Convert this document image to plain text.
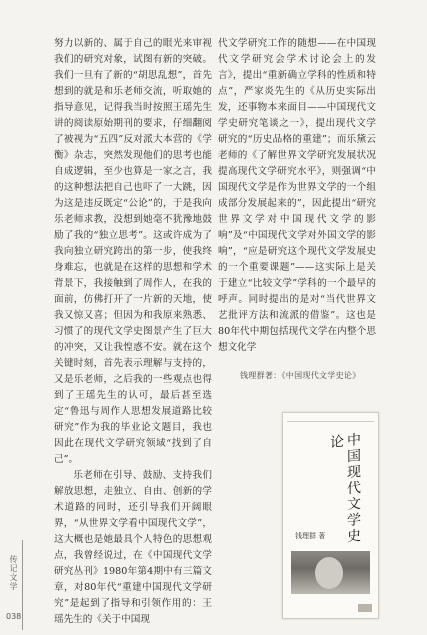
努力以新的、属于自己的眼光来审视我们的研究对象，试图有新的突破。我们一旦有了新的“胡思乱想”，首先想到的就是和乐老师交流，听取她的指导意见，记得我当时按照王瑶先生讲的阅读原始期刊的要求，仔细翻阅了被视为“五四”反对派大本营的《学衡》杂志，突然发现他们的思考也能自成逻辑，至少也算是一家之言，我的这种想法把自己也吓了一大跳，因为这是违反既定“公论”的，于是我向乐老师求教，没想到她毫不犹豫地鼓励了我的“独立思考”。这或许成为了我向独立研究跨出的第一步，使我终身难忘，也就是在这样的思想和学术背景下，我接触到了周作人，在我的面前，仿佛打开了一片新的天地，使我又惊又喜；但因为和我原来熟悉、习惯了的现代文学史图景产生了巨大的冲突，又让我惶惑不安。就在这个关键时刻，首先表示理解与支持的，又是乐老师，之后我的一些观点也得到了王瑶先生的认可，最后甚至选定“鲁迅与周作人思想发展道路比较研究”作为我的毕业论文题目，我也因此在现代文学研究领域“找到了自己”。

乐老师在引导、鼓励、支持我们解放思想，走独立、自由、创新的学术道路的同时，还引导我们开阔眼界，“从世界文学看中国现代文学”，这大概也是她最具个人特色的思想观点，我曾经说过，在《中国现代文学研究丛刊》1980年第4期中有三篇文章，对80年代“重建中国现代文学研究”是起到了指导和引领作用的：王瑶先生的《关于中国现

代文学研究工作的随想——在中国现代文学研究会学术讨论会上的发言》，提出“重新确立学科的性质和特点”，严家炎先生的《从历史实际出发，还事物本来面目——中国现代文学史研究笔谈之一》，提出现代文学研究的“历史品格的重建”；而乐黛云老师的《了解世界文学研究发展状况提高现代文学研究水平》，则强调“中国现代文学是作为世界文学的一个组成部分发展起来的”，因此提出“研究世界文学对中国现代文学的影响”及“中国现代文学对外国文学的影响”，“应是研究这个现代文学发展史的一个重要课题”——这实际上是关于建立“比较文学”学科的一个最早的呼声。同时提出的是对“当代世界文艺批评方法和流派的借鉴”。这也是80年代中期包括现代文学在内整个思想文化学

钱理群著：《中国现代文学史论》
中国现代文学史论
钱理群 著
传记文学
038
